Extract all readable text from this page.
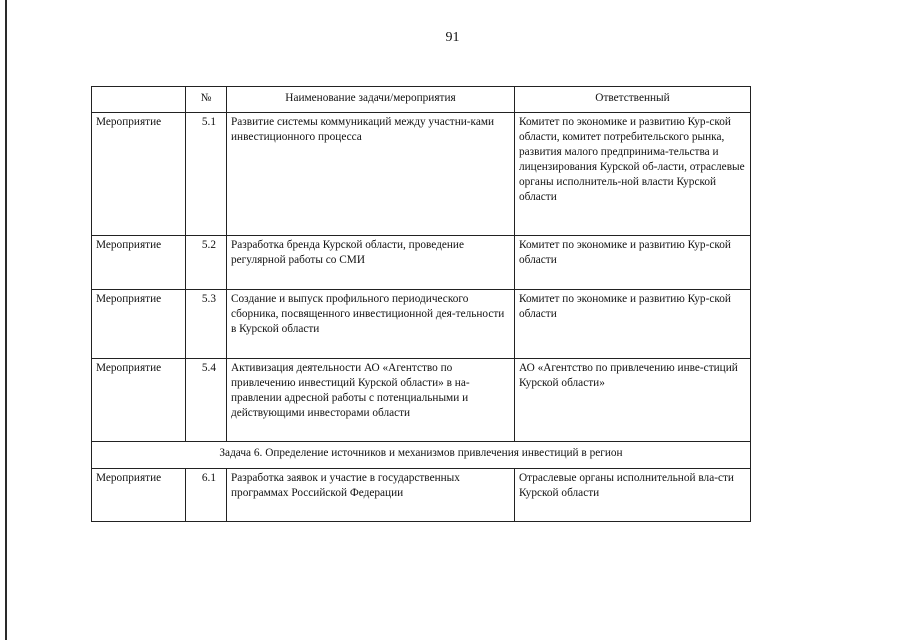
91
	№	Наименование задачи/мероприятия	Ответственный
Мероприятие	5.1	Развитие системы коммуникаций между участни-ками инвестиционного процесса	Комитет по экономике и развитию Кур-ской области, комитет потребительского рынка, развития малого предпринима-тельства и лицензирования Курской об-ласти, отраслевые органы исполнитель-ной власти Курской области
Мероприятие	5.2	Разработка бренда Курской области, проведение регулярной работы со СМИ	Комитет по экономике и развитию Кур-ской области
Мероприятие	5.3	Создание и выпуск профильного периодического сборника, посвященного инвестиционной дея-тельности в Курской области	Комитет по экономике и развитию Кур-ской области
Мероприятие	5.4	Активизация деятельности АО «Агентство по привлечению инвестиций Курской области» в на-правлении адресной работы с потенциальными и действующими инвесторами области	АО «Агентство по привлечению инве-стиций Курской области»
Задача 6. Определение источников и механизмов привлечения инвестиций в регион			
Мероприятие	6.1	Разработка заявок и участие в государственных программах Российской Федерации	Отраслевые органы исполнительной вла-сти Курской области
